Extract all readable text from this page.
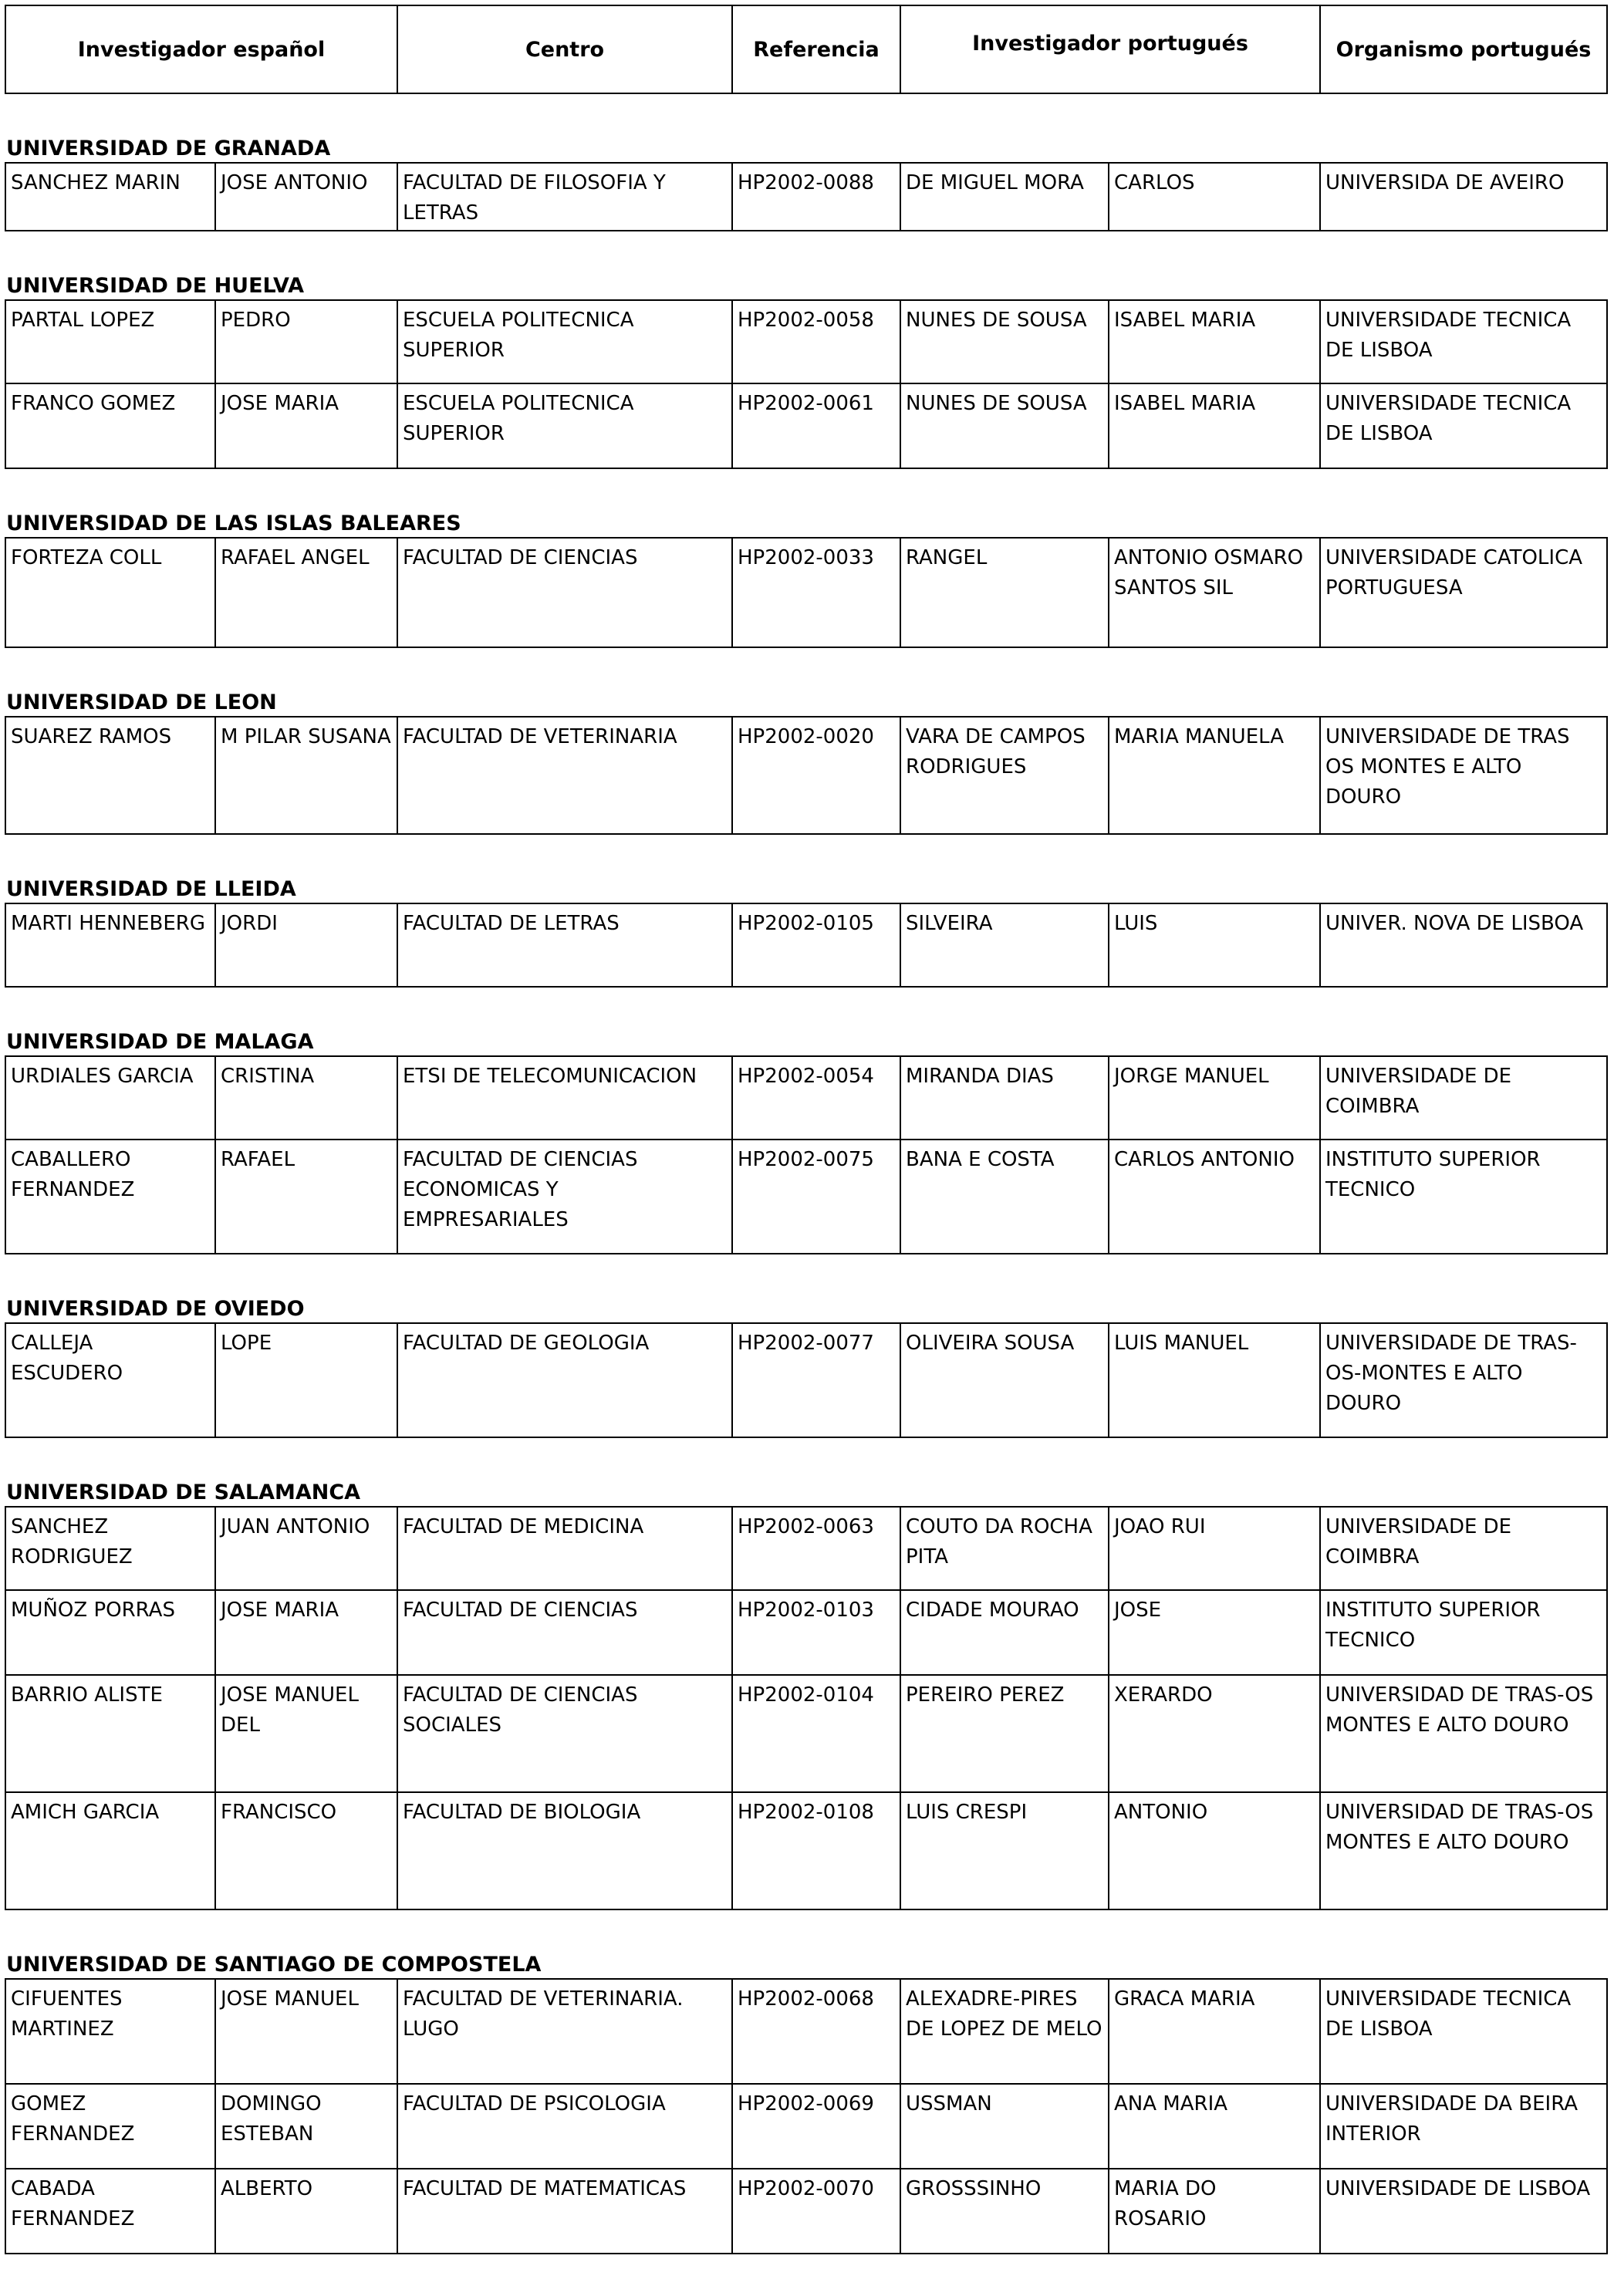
Investigador español	Centro	Referencia	Investigador portugués	Organismo portugués
UNIVERSIDAD DE GRANADA
SANCHEZ MARIN	JOSE ANTONIO	FACULTAD DE FILOSOFIA Y LETRAS	HP2002-0088	DE MIGUEL MORA	CARLOS	UNIVERSIDA DE AVEIRO
UNIVERSIDAD DE HUELVA
PARTAL LOPEZ	PEDRO	ESCUELA POLITECNICA SUPERIOR	HP2002-0058	NUNES DE SOUSA	ISABEL MARIA	UNIVERSIDADE TECNICA DE LISBOA
FRANCO GOMEZ	JOSE MARIA	ESCUELA POLITECNICA SUPERIOR	HP2002-0061	NUNES DE SOUSA	ISABEL MARIA	UNIVERSIDADE TECNICA DE LISBOA
UNIVERSIDAD DE LAS ISLAS BALEARES
FORTEZA COLL	RAFAEL ANGEL	FACULTAD DE CIENCIAS	HP2002-0033	RANGEL	ANTONIO OSMARO SANTOS SIL	UNIVERSIDADE CATOLICA PORTUGUESA
UNIVERSIDAD DE LEON
SUAREZ RAMOS	M PILAR SUSANA	FACULTAD DE VETERINARIA	HP2002-0020	VARA DE CAMPOS RODRIGUES	MARIA MANUELA	UNIVERSIDADE DE TRAS OS MONTES E ALTO DOURO
UNIVERSIDAD DE LLEIDA
MARTI HENNEBERG	JORDI	FACULTAD DE LETRAS	HP2002-0105	SILVEIRA	LUIS	UNIVER. NOVA DE LISBOA
UNIVERSIDAD DE MALAGA
URDIALES GARCIA	CRISTINA	ETSI DE TELECOMUNICACION	HP2002-0054	MIRANDA DIAS	JORGE MANUEL	UNIVERSIDADE DE COIMBRA
CABALLERO FERNANDEZ	RAFAEL	FACULTAD DE CIENCIAS ECONOMICAS Y EMPRESARIALES	HP2002-0075	BANA E COSTA	CARLOS ANTONIO	INSTITUTO SUPERIOR TECNICO
UNIVERSIDAD DE OVIEDO
CALLEJA ESCUDERO	LOPE	FACULTAD DE GEOLOGIA	HP2002-0077	OLIVEIRA SOUSA	LUIS MANUEL	UNIVERSIDADE DE TRAS-OS-MONTES E ALTO DOURO
UNIVERSIDAD DE SALAMANCA
SANCHEZ RODRIGUEZ	JUAN ANTONIO	FACULTAD DE MEDICINA	HP2002-0063	COUTO DA ROCHA PITA	JOAO RUI	UNIVERSIDADE DE COIMBRA
MUÑOZ PORRAS	JOSE MARIA	FACULTAD DE CIENCIAS	HP2002-0103	CIDADE MOURAO	JOSE	INSTITUTO SUPERIOR TECNICO
BARRIO ALISTE	JOSE MANUEL DEL	FACULTAD DE CIENCIAS SOCIALES	HP2002-0104	PEREIRO PEREZ	XERARDO	UNIVERSIDAD DE TRAS-OS MONTES E ALTO DOURO
AMICH GARCIA	FRANCISCO	FACULTAD DE BIOLOGIA	HP2002-0108	LUIS CRESPI	ANTONIO	UNIVERSIDAD DE TRAS-OS MONTES E ALTO DOURO
UNIVERSIDAD DE SANTIAGO DE COMPOSTELA
CIFUENTES MARTINEZ	JOSE MANUEL	FACULTAD DE VETERINARIA. LUGO	HP2002-0068	ALEXADRE-PIRES DE LOPEZ DE MELO	GRACA MARIA	UNIVERSIDADE TECNICA DE LISBOA
GOMEZ FERNANDEZ	DOMINGO ESTEBAN	FACULTAD DE PSICOLOGIA	HP2002-0069	USSMAN	ANA MARIA	UNIVERSIDADE DA BEIRA INTERIOR
CABADA FERNANDEZ	ALBERTO	FACULTAD DE MATEMATICAS	HP2002-0070	GROSSSINHO	MARIA DO ROSARIO	UNIVERSIDADE DE LISBOA
